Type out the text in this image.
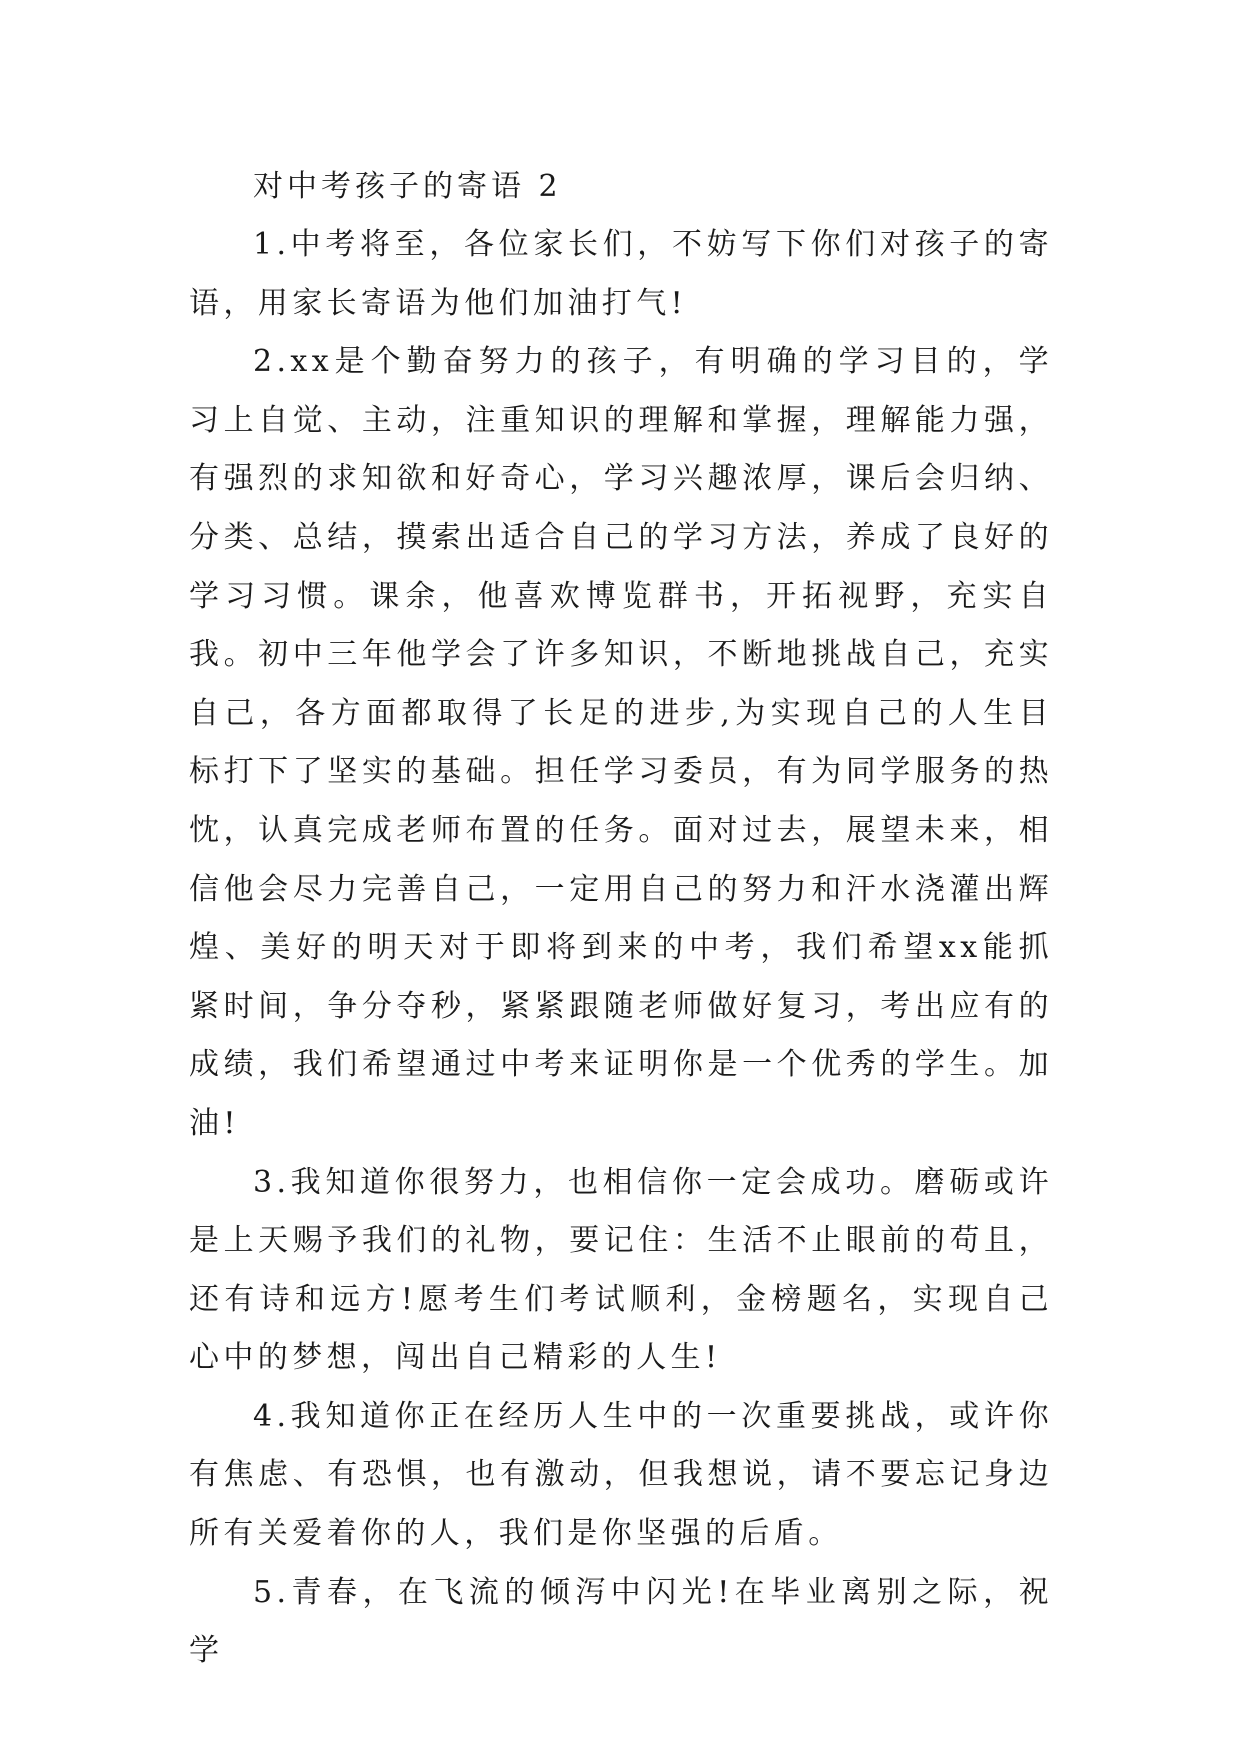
对中考孩子的寄语 2

1.中考将至，各位家长们，不妨写下你们对孩子的寄语，用家长寄语为他们加油打气!

2.xx是个勤奋努力的孩子，有明确的学习目的，学习上自觉、主动，注重知识的理解和掌握，理解能力强，有强烈的求知欲和好奇心，学习兴趣浓厚，课后会归纳、分类、总结，摸索出适合自己的学习方法，养成了良好的学习习惯。课余，他喜欢博览群书，开拓视野，充实自我。初中三年他学会了许多知识，不断地挑战自己，充实自己，各方面都取得了长足的进步,为实现自己的人生目标打下了坚实的基础。担任学习委员，有为同学服务的热忱，认真完成老师布置的任务。面对过去，展望未来，相信他会尽力完善自己，一定用自己的努力和汗水浇灌出辉煌、美好的明天对于即将到来的中考，我们希望xx能抓紧时间，争分夺秒，紧紧跟随老师做好复习，考出应有的成绩，我们希望通过中考来证明你是一个优秀的学生。加油!

3.我知道你很努力，也相信你一定会成功。磨砺或许是上天赐予我们的礼物，要记住：生活不止眼前的苟且，还有诗和远方!愿考生们考试顺利，金榜题名，实现自己心中的梦想，闯出自己精彩的人生!

4.我知道你正在经历人生中的一次重要挑战，或许你有焦虑、有恐惧，也有激动，但我想说，请不要忘记身边所有关爱着你的人，我们是你坚强的后盾。

5.青春，在飞流的倾泻中闪光!在毕业离别之际，祝学
